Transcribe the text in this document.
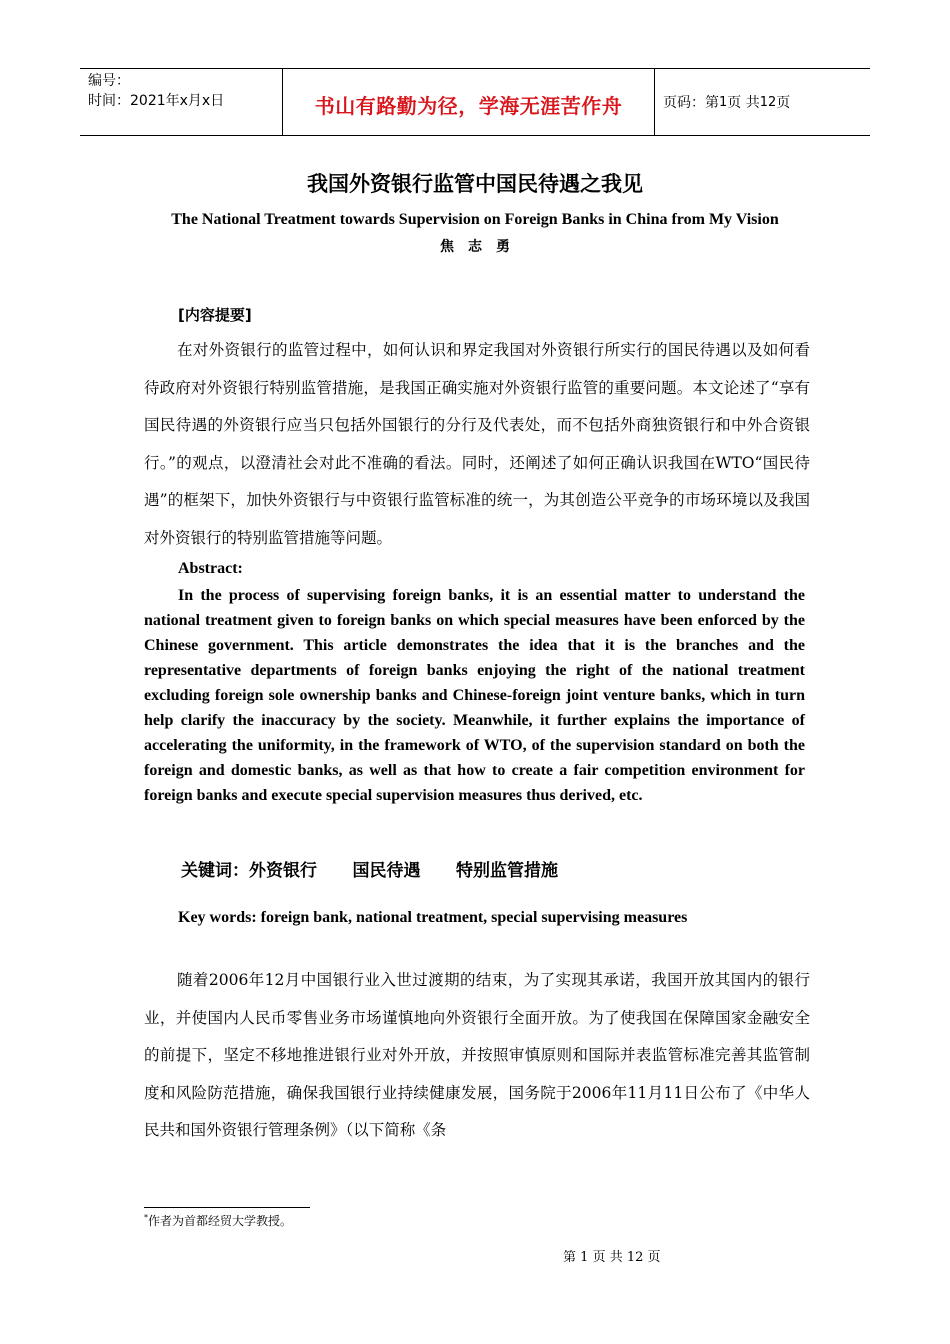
编号：
时间：2021年x月x日	书山有路勤为径，学海无涯苦作舟	页码：第 1 页 共 12 页
我国外资银行监管中国民待遇之我见
The National Treatment towards Supervision on Foreign Banks in China from My Vision
焦志勇
[内容提要]

在对外资银行的监管过程中，如何认识和界定我国对外资银行所实行的国民待遇以及如何看待政府对外资银行特别监管措施，是我国正确实施对外资银行监管的重要问题。本文论述了“享有国民待遇的外资银行应当只包括外国银行的分行及代表处，而不包括外商独资银行和中外合资银行。”的观点，以澄清社会对此不准确的看法。同时，还阐述了如何正确认识我国在WTO“国民待遇”的框架下，加快外资银行与中资银行监管标准的统一，为其创造公平竞争的市场环境以及我国对外资银行的特别监管措施等问题。

Abstract:

In the process of supervising foreign banks, it is an essential matter to understand the national treatment given to foreign banks on which special measures have been enforced by the Chinese government. This article demonstrates the idea that it is the branches and the representative departments of foreign banks enjoying the right of the national treatment excluding foreign sole ownership banks and Chinese-foreign joint venture banks, which in turn help clarify the inaccuracy by the society. Meanwhile, it further explains the importance of accelerating the uniformity, in the framework of WTO, of the supervision standard on both the foreign and domestic banks, as well as that how to create a fair competition environment for foreign banks and execute special supervision measures thus derived, etc.

关键词：外资银行 国民待遇 特别监管措施
Key words: foreign bank, national treatment, special supervising measures

随着2006年12月中国银行业入世过渡期的结束，为了实现其承诺，我国开放其国内的银行业，并使国内人民币零售业务市场谨慎地向外资银行全面开放。为了使我国在保障国家金融安全的前提下，坚定不移地推进银行业对外开放，并按照审慎原则和国际并表监管标准完善其监管制度和风险防范措施，确保我国银行业持续健康发展，国务院于2006年11月11日公布了《中华人民共和国外资银行管理条例》（以下简称《条

*作者为首都经贸大学教授。
第 1 页 共 12 页
